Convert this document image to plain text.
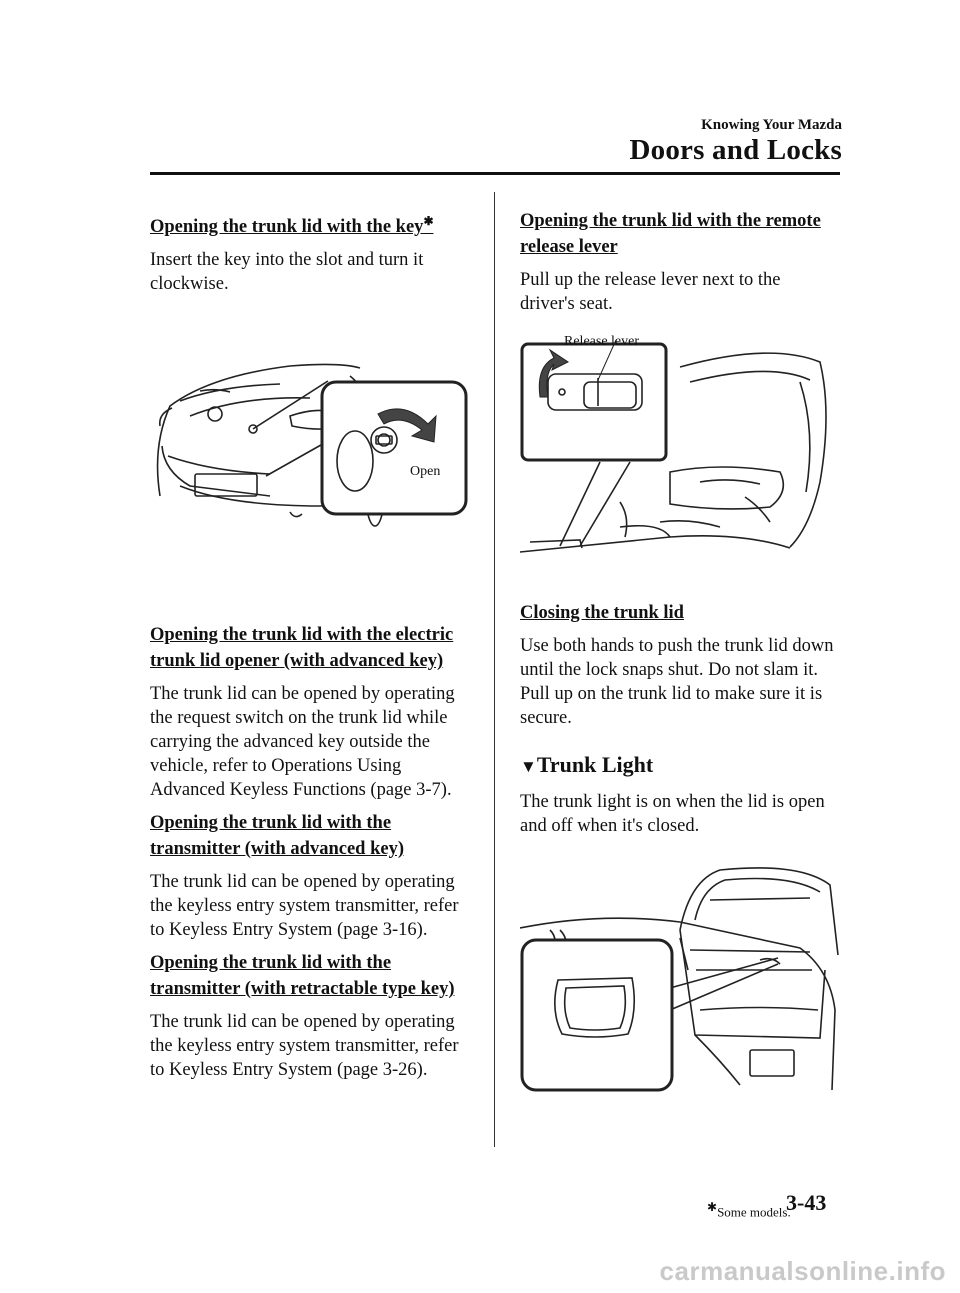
Knowing Your Mazda
Doors and Locks
Opening the trunk lid with the key✱

Insert the key into the slot and turn it clockwise.

Open
Opening the trunk lid with the electric
trunk lid opener (with advanced key)

The trunk lid can be opened by operating the request switch on the trunk lid while carrying the advanced key outside the vehicle, refer to Operations Using Advanced Keyless Functions (page 3-7).

Opening the trunk lid with the
transmitter (with advanced key)

The trunk lid can be opened by operating the keyless entry system transmitter, refer to Keyless Entry System (page 3-16).

Opening the trunk lid with the
transmitter (with retractable type key)

The trunk lid can be opened by operating the keyless entry system transmitter, refer to Keyless Entry System (page 3-26).

Opening the trunk lid with the remote
release lever

Pull up the release lever next to the driver's seat.

Release lever
Closing the trunk lid

Use both hands to push the trunk lid down until the lock snaps shut. Do not slam it. Pull up on the trunk lid to make sure it is secure.

▼Trunk Light

The trunk light is on when the lid is open and off when it's closed.

✱Some models.
3-43
carmanualsonline.info
